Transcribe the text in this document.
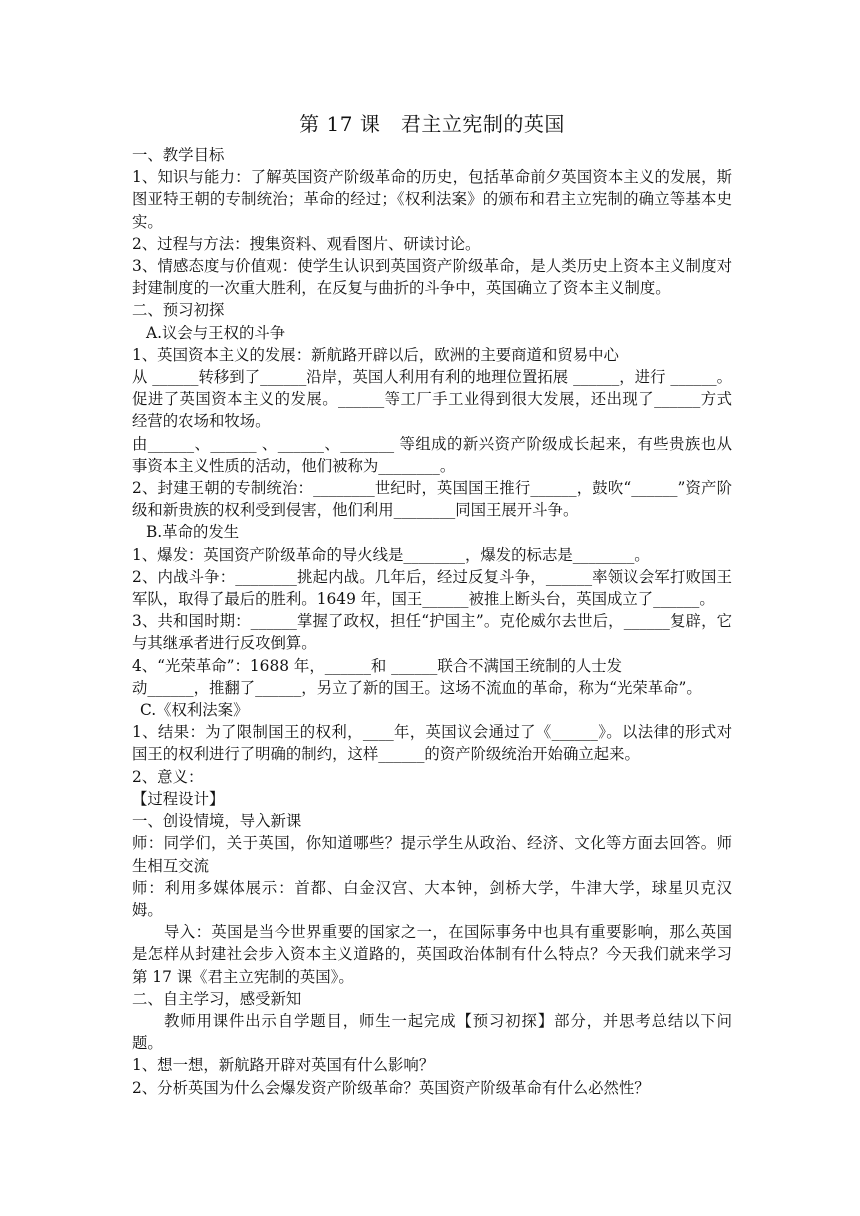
第 17 课　君主立宪制的英国

一、教学目标

1、知识与能力：了解英国资产阶级革命的历史，包括革命前夕英国资本主义的发展，斯图亚特王朝的专制统治；革命的经过；《权利法案》的颁布和君主立宪制的确立等基本史实。

2、过程与方法：搜集资料、观看图片、研读讨论。

3、情感态度与价值观：使学生认识到英国资产阶级革命，是人类历史上资本主义制度对封建制度的一次重大胜利，在反复与曲折的斗争中，英国确立了资本主义制度。

二、预习初探

A.议会与王权的斗争

1、英国资本主义的发展：新航路开辟以后，欧洲的主要商道和贸易中心

从 ______转移到了______沿岸，英国人利用有利的地理位置拓展 ______，进行 ______。促进了英国资本主义的发展。______等工厂手工业得到很大发展，还出现了______方式经营的农场和牧场。

由______、______ 、______、_______ 等组成的新兴资产阶级成长起来，有些贵族也从事资本主义性质的活动，他们被称为________。

2、封建王朝的专制统治：________世纪时，英国国王推行______，鼓吹“______”资产阶级和新贵族的权利受到侵害，他们利用________同国王展开斗争。

B.革命的发生

1、爆发：英国资产阶级革命的导火线是________，爆发的标志是________。

2、内战斗争：________挑起内战。几年后，经过反复斗争，______率领议会军打败国王军队，取得了最后的胜利。1649 年，国王______被推上断头台，英国成立了______。

3、共和国时期：______掌握了政权，担任“护国主”。克伦威尔去世后，______复辟，它与其继承者进行反攻倒算。

4、“光荣革命”：1688 年，______和 ______联合不满国王统制的人士发

动______，推翻了______，另立了新的国王。这场不流血的革命，称为“光荣革命”。

C.《权利法案》

1、结果：为了限制国王的权利，____年，英国议会通过了《______》。以法律的形式对国王的权利进行了明确的制约，这样______的资产阶级统治开始确立起来。

2、意义：

【过程设计】

一、创设情境，导入新课

师：同学们，关于英国，你知道哪些？提示学生从政治、经济、文化等方面去回答。师生相互交流

师：利用多媒体展示：首都、白金汉宫、大本钟，剑桥大学，牛津大学，球星贝克汉姆。

导入：英国是当今世界重要的国家之一，在国际事务中也具有重要影响，那么英国是怎样从封建社会步入资本主义道路的，英国政治体制有什么特点？今天我们就来学习第 17 课《君主立宪制的英国》。

二、自主学习，感受新知

教师用课件出示自学题目，师生一起完成【预习初探】部分，并思考总结以下问题。

1、想一想，新航路开辟对英国有什么影响？

2、分析英国为什么会爆发资产阶级革命？英国资产阶级革命有什么必然性？
